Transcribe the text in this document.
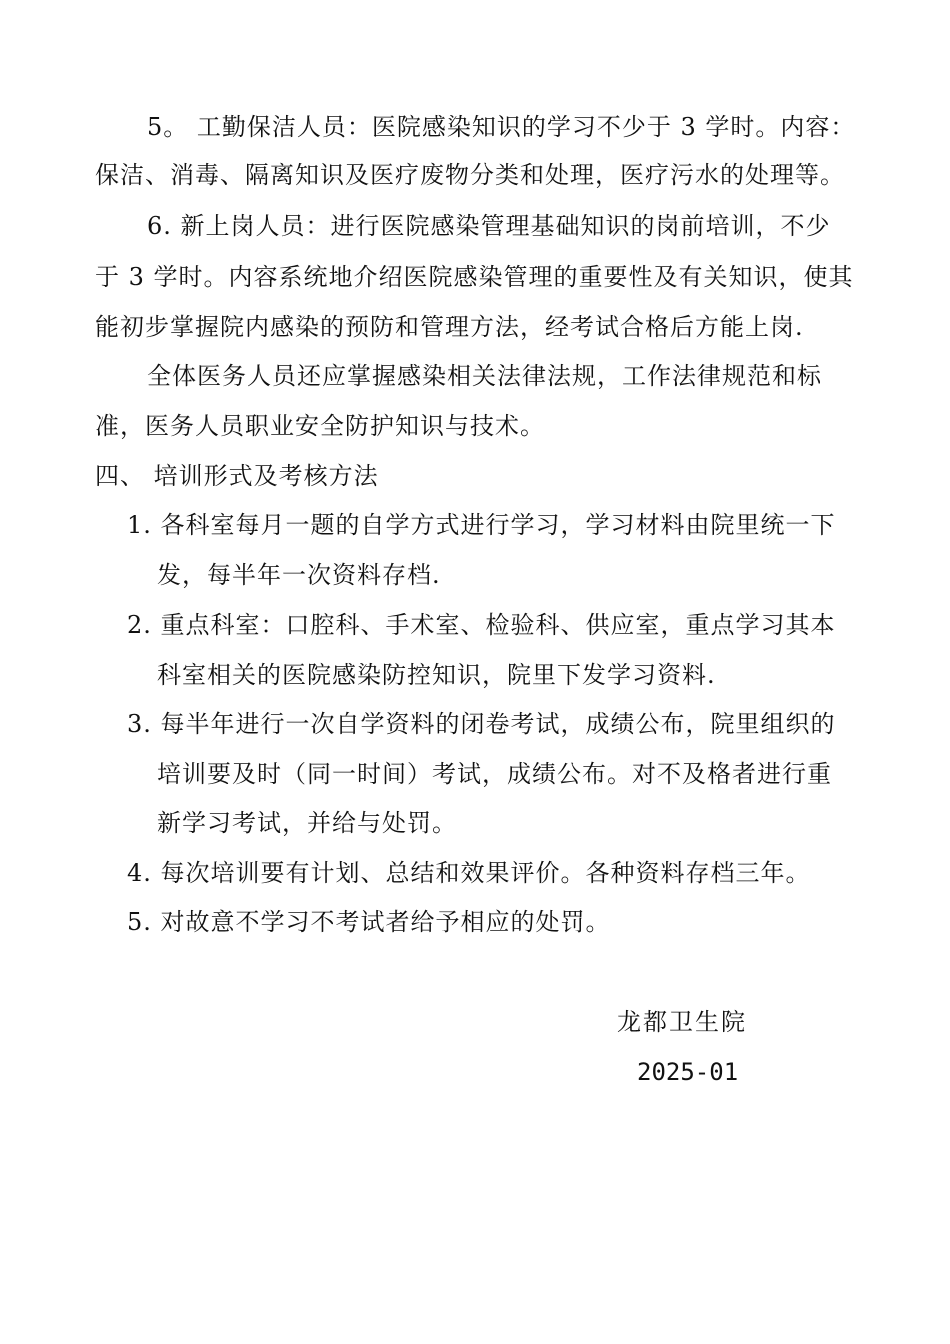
5。 工勤保洁人员：医院感染知识的学习不少于 3 学时。内容：
保洁、消毒、隔离知识及医疗废物分类和处理，医疗污水的处理等。
6. 新上岗人员：进行医院感染管理基础知识的岗前培训，不少
于 3 学时。内容系统地介绍医院感染管理的重要性及有关知识，使其
能初步掌握院内感染的预防和管理方法，经考试合格后方能上岗.
全体医务人员还应掌握感染相关法律法规，工作法律规范和标
准，医务人员职业安全防护知识与技术。
四、 培训形式及考核方法
1. 各科室每月一题的自学方式进行学习，学习材料由院里统一下
发，每半年一次资料存档.
2. 重点科室：口腔科、手术室、检验科、供应室，重点学习其本
科室相关的医院感染防控知识，院里下发学习资料.
3. 每半年进行一次自学资料的闭卷考试，成绩公布，院里组织的
培训要及时（同一时间）考试，成绩公布。对不及格者进行重
新学习考试，并给与处罚。
4. 每次培训要有计划、总结和效果评价。各种资料存档三年。
5. 对故意不学习不考试者给予相应的处罚。
龙都卫生院
2025-01
